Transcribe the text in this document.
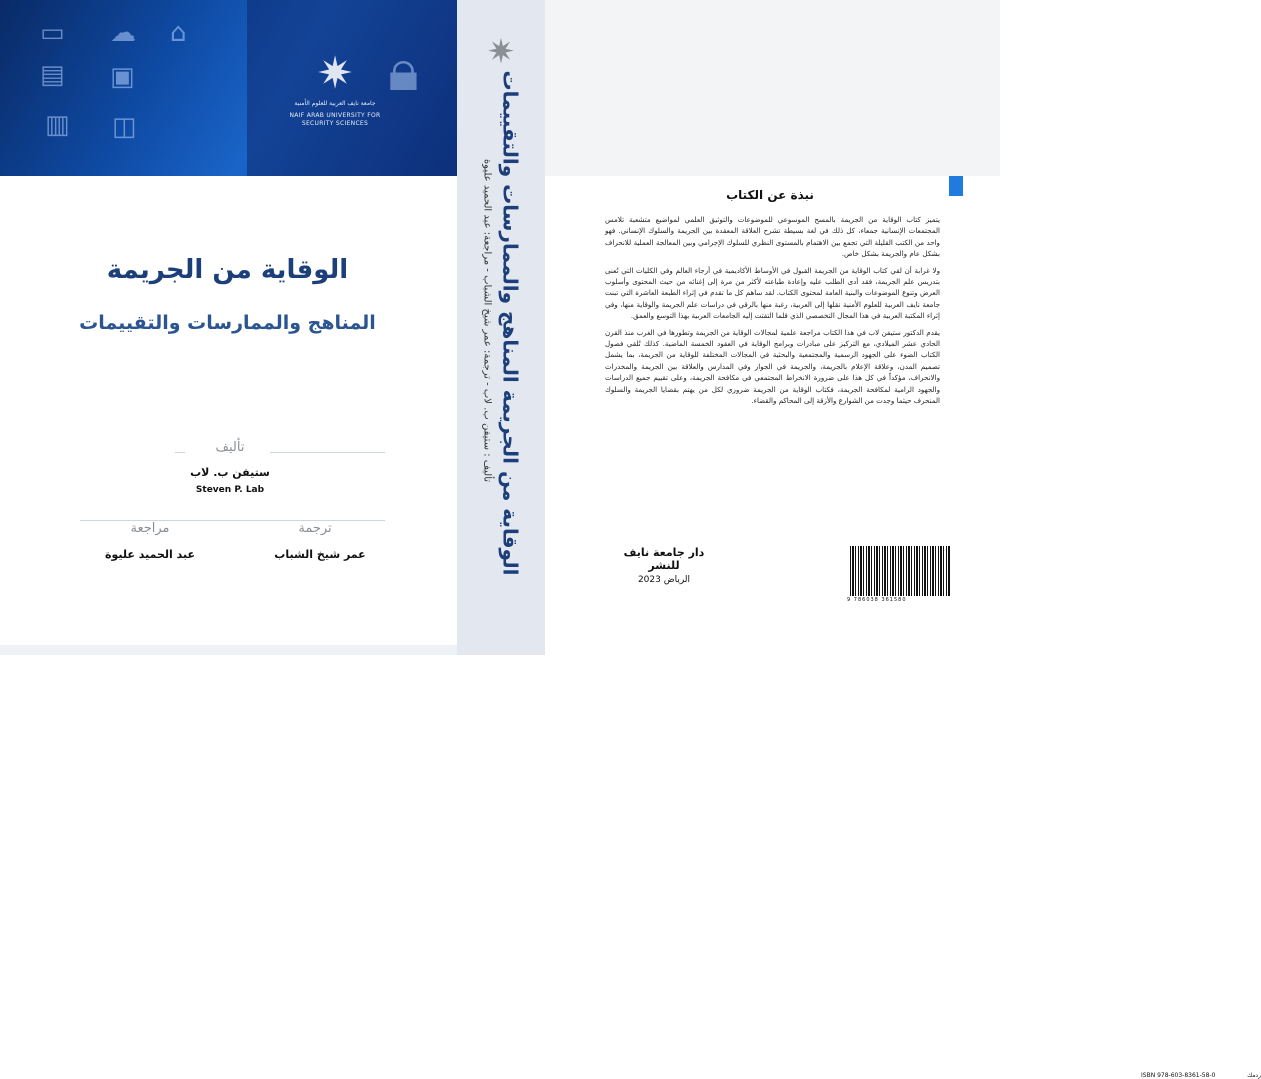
▭ ☁ ⌂
▤ ▣
▥ ◫
✷
جامعة نايف العربية للعلوم الأمنية
NAIF ARAB UNIVERSITY FOR SECURITY SCIENCES
🔒︎
الوقاية من الجريمة
المناهج والممارسات والتقييمات
تأليف
ستيفن ب. لاب
Steven P. Lab
مراجعة	ترجمة
عبد الحميد عليوة	عمر شيخ الشباب
✷
الوقاية من الجريمة المناهج والممارسات والتقييمات
تأليف : ستيفن ب. لاب - ترجمة: عمر شيخ الشباب - مراجعة: عبد الحميد عليوة	نبذة عن الكتاب

يتميز كتاب الوقاية من الجريمة بالمسح الموسوعي للموضوعات والتوثيق العلمي لمواضيع متشعبة تلامس المجتمعات الإنسانية جمعاء، كل ذلك في لغة بسيطة تشرح العلاقة المعقدة بين الجريمة والسلوك الإنساني. فهو واحد من الكتب القليلة التي تجمع بين الاهتمام بالمستوى النظري للسلوك الإجرامي وبين المعالجة العملية للانحراف بشكل عام والجريمة بشكل خاص.

ولا غرابة أن لقي كتاب الوقاية من الجريمة القبول في الأوساط الأكاديمية في أرجاء العالم وفي الكليات التي تُعنى بتدريس علم الجريمة، فقد أدى الطلب عليه وإعادة طباعته لأكثر من مرة إلى إغنائه من حيث المحتوى وأسلوب العرض وتنوع الموضوعات والبنية العامة لمحتوى الكتاب. لقد ساهم كل ما تقدم في إثراء الطبعة العاشرة التي تبنت جامعة نايف العربية للعلوم الأمنية نقلها إلى العربية، رغبة منها بالرقي في دراسات علم الجريمة والوقاية منها، وفي إثراء المكتبة العربية في هذا المجال التخصصي الذي قلما التفتت إليه الجامعات العربية بهذا التوسع والعمق.

يقدم الدكتور ستيفن لاب في هذا الكتاب مراجعة علمية لمجالات الوقاية من الجريمة وتطورها في الغرب منذ القرن الحادي عشر الميلادي، مع التركيز على مبادرات وبرامج الوقاية في العقود الخمسة الماضية. كذلك تُلقي فصول الكتاب الضوء على الجهود الرسمية والمجتمعية والبحثية في المجالات المختلفة للوقاية من الجريمة، بما يشمل تصميم المدن، وعلاقة الإعلام بالجريمة، والجريمة في الجوار وفي المدارس والعلاقة بين الجريمة والمخدرات والانحراف، مؤكداً في كل هذا على ضرورة الانخراط المجتمعي في مكافحة الجريمة، وعلى تقييم جميع الدراسات والجهود الرامية لمكافحة الجريمة، فكتاب الوقاية من الجريمة ضروري لكل من يهتم بقضايا الجريمة والسلوك المنحرف حيثما وجدت من الشوارع والأزقة إلى المحاكم والقضاء.

دار جامعة نايف للنشر
الرياض 2023
ISBN 978-603-8361-58-0	ردمك
9 786038 361580
